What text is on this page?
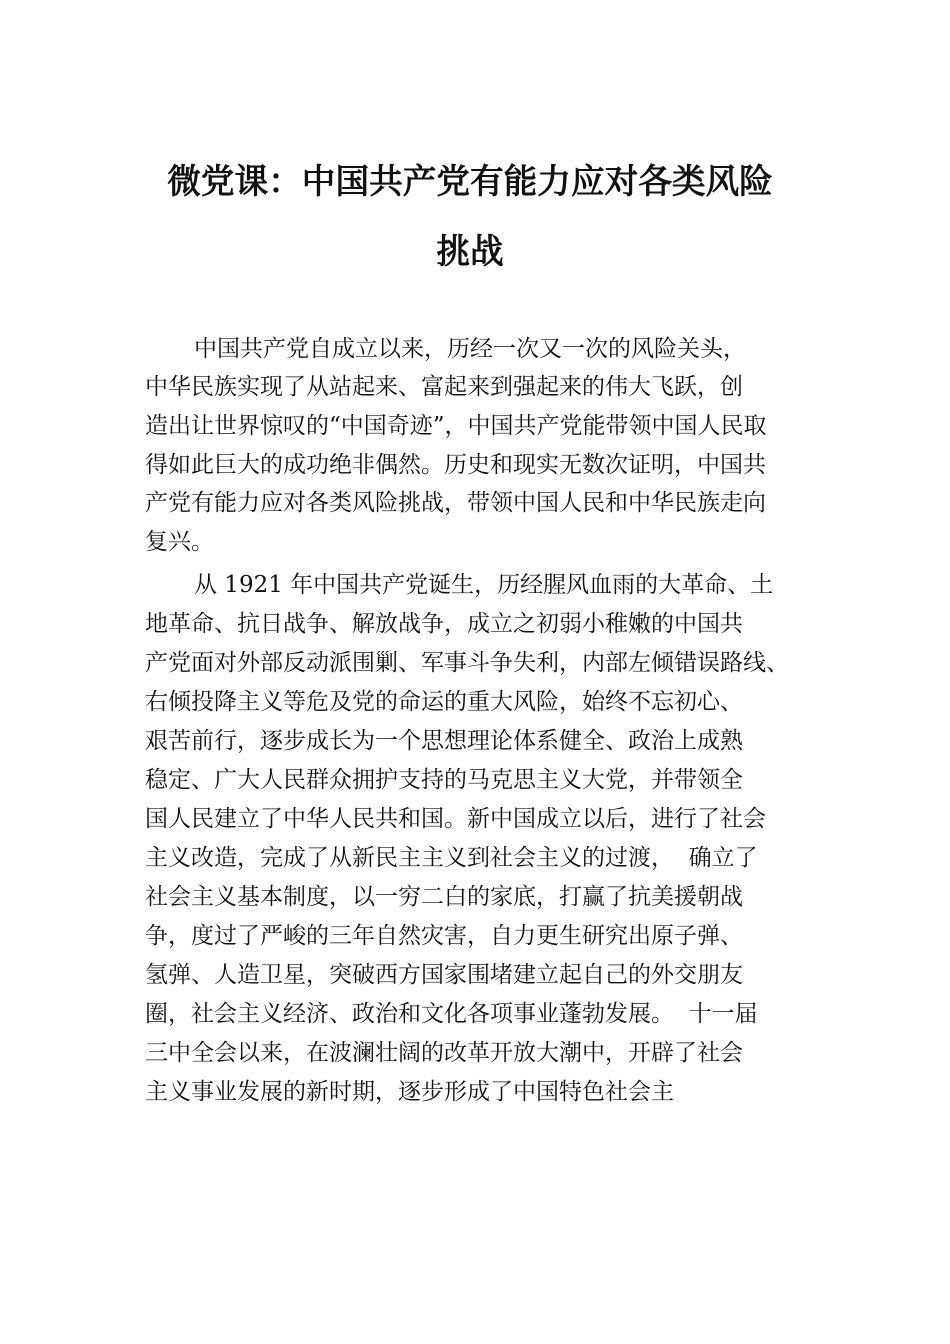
微党课：中国共产党有能力应对各类风险
挑战
中国共产党自成立以来，历经一次又一次的风险关头，
中华民族实现了从站起来、富起来到强起来的伟大飞跃，创
造出让世界惊叹的“中国奇迹”，中国共产党能带领中国人民取
得如此巨大的成功绝非偶然。历史和现实无数次证明，中国共
产党有能力应对各类风险挑战，带领中国人民和中华民族走向
复兴。
从 1921 年中国共产党诞生，历经腥风血雨的大革命、土
地革命、抗日战争、解放战争，成立之初弱小稚嫩的中国共
产党面对外部反动派围剿、军事斗争失利，内部左倾错误路线、
右倾投降主义等危及党的命运的重大风险，始终不忘初心、
艰苦前行，逐步成长为一个思想理论体系健全、政治上成熟
稳定、广大人民群众拥护支持的马克思主义大党，并带领全
国人民建立了中华人民共和国。新中国成立以后，进行了社会
主义改造，完成了从新民主主义到社会主义的过渡，  确立了
社会主义基本制度，以一穷二白的家底，打赢了抗美援朝战
争，度过了严峻的三年自然灾害，自力更生研究出原子弹、
氢弹、人造卫星，突破西方国家围堵建立起自己的外交朋友
圈，社会主义经济、政治和文化各项事业蓬勃发展。  十一届
三中全会以来，在波澜壮阔的改革开放大潮中，开辟了社会
主义事业发展的新时期，逐步形成了中国特色社会主
